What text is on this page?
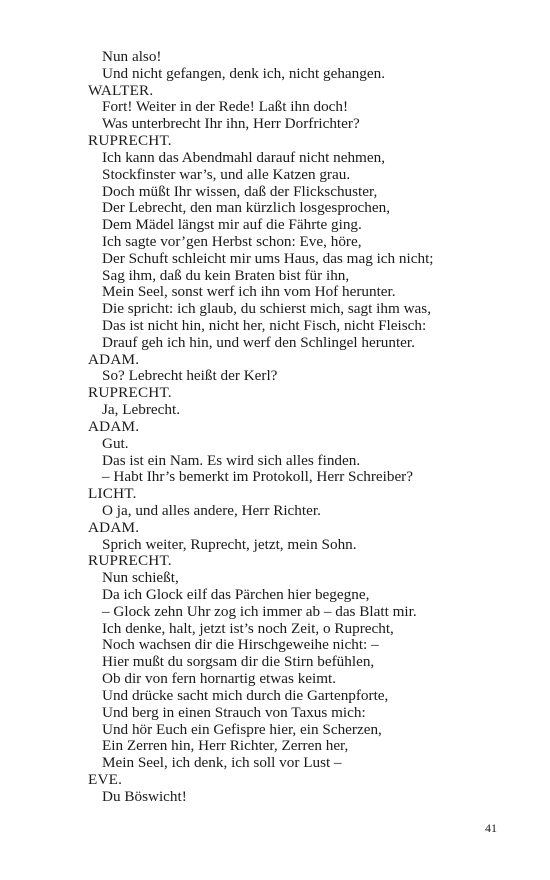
Nun also!
Und nicht gefangen, denk ich, nicht gehangen.
WALTER.
Fort! Weiter in der Rede! Laßt ihn doch!
Was unterbrecht Ihr ihn, Herr Dorfrichter?
RUPRECHT.
Ich kann das Abendmahl darauf nicht nehmen,
Stockfinster war’s, und alle Katzen grau.
Doch müßt Ihr wissen, daß der Flickschuster,
Der Lebrecht, den man kürzlich losgesprochen,
Dem Mädel längst mir auf die Fährte ging.
Ich sagte vor’gen Herbst schon: Eve, höre,
Der Schuft schleicht mir ums Haus, das mag ich nicht;
Sag ihm, daß du kein Braten bist für ihn,
Mein Seel, sonst werf ich ihn vom Hof herunter.
Die spricht: ich glaub, du schierst mich, sagt ihm was,
Das ist nicht hin, nicht her, nicht Fisch, nicht Fleisch:
Drauf geh ich hin, und werf den Schlingel herunter.
ADAM.
So? Lebrecht heißt der Kerl?
RUPRECHT.
Ja, Lebrecht.
ADAM.
Gut.
Das ist ein Nam. Es wird sich alles finden.
– Habt Ihr’s bemerkt im Protokoll, Herr Schreiber?
LICHT.
O ja, und alles andere, Herr Richter.
ADAM.
Sprich weiter, Ruprecht, jetzt, mein Sohn.
RUPRECHT.
Nun schießt,
Da ich Glock eilf das Pärchen hier begegne,
– Glock zehn Uhr zog ich immer ab – das Blatt mir.
Ich denke, halt, jetzt ist’s noch Zeit, o Ruprecht,
Noch wachsen dir die Hirschgeweihe nicht: –
Hier mußt du sorgsam dir die Stirn befühlen,
Ob dir von fern hornartig etwas keimt.
Und drücke sacht mich durch die Gartenpforte,
Und berg in einen Strauch von Taxus mich:
Und hör Euch ein Gefispre hier, ein Scherzen,
Ein Zerren hin, Herr Richter, Zerren her,
Mein Seel, ich denk, ich soll vor Lust –
EVE.
Du Böswicht!
41
